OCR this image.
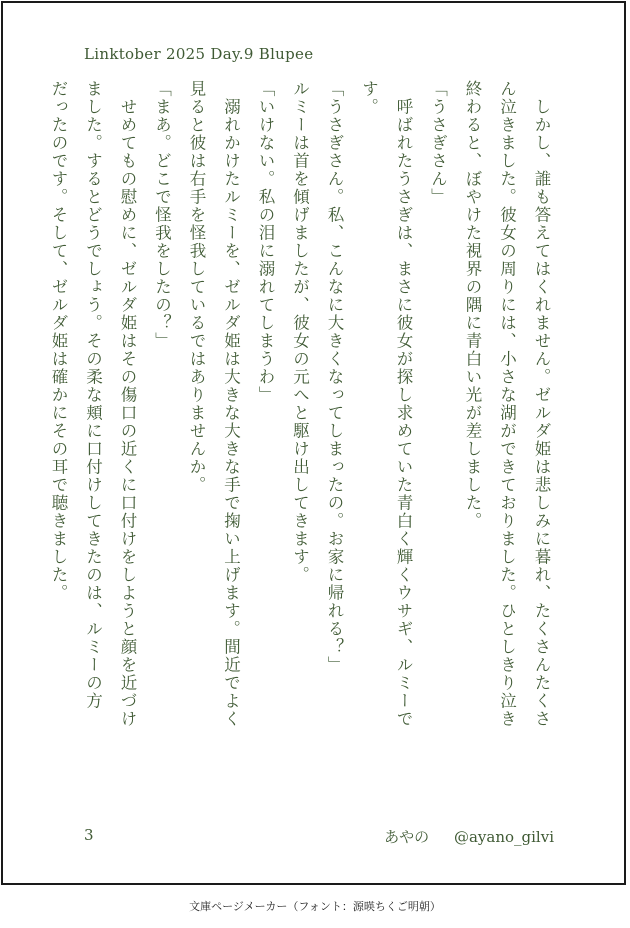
Linktober 2025 Day.9 Blupee
　しかし、誰も答えてはくれません。ゼルダ姫は悲しみに暮れ、たくさんたくさ
ん泣きました。彼女の周りには、小さな湖ができておりました。ひとしきり泣き
終わると、ぼやけた視界の隅に青白い光が差しました。
「うさぎさん」
　呼ばれたうさぎは、まさに彼女が探し求めていた青白く輝くウサギ、ルミーで
す。
「うさぎさん。私、こんなに大きくなってしまったの。お家に帰れる？」
ルミーは首を傾げましたが、彼女の元へと駆け出してきます。
「いけない。私の泪に溺れてしまうわ」
　溺れかけたルミーを、ゼルダ姫は大きな大きな手で掬い上げます。間近でよく
見ると彼は右手を怪我しているではありませんか。
「まあ。どこで怪我をしたの？」
　せめてもの慰めに、ゼルダ姫はその傷口の近くに口付けをしようと顔を近づけ
ました。するとどうでしょう。その柔な頬に口付けしてきたのは、ルミーの方
だったのです。そして、ゼルダ姫は確かにその耳で聴きました。
3	あやの @ayano_gilvi
文庫ページメーカー（フォント：源暎ちくご明朝）
